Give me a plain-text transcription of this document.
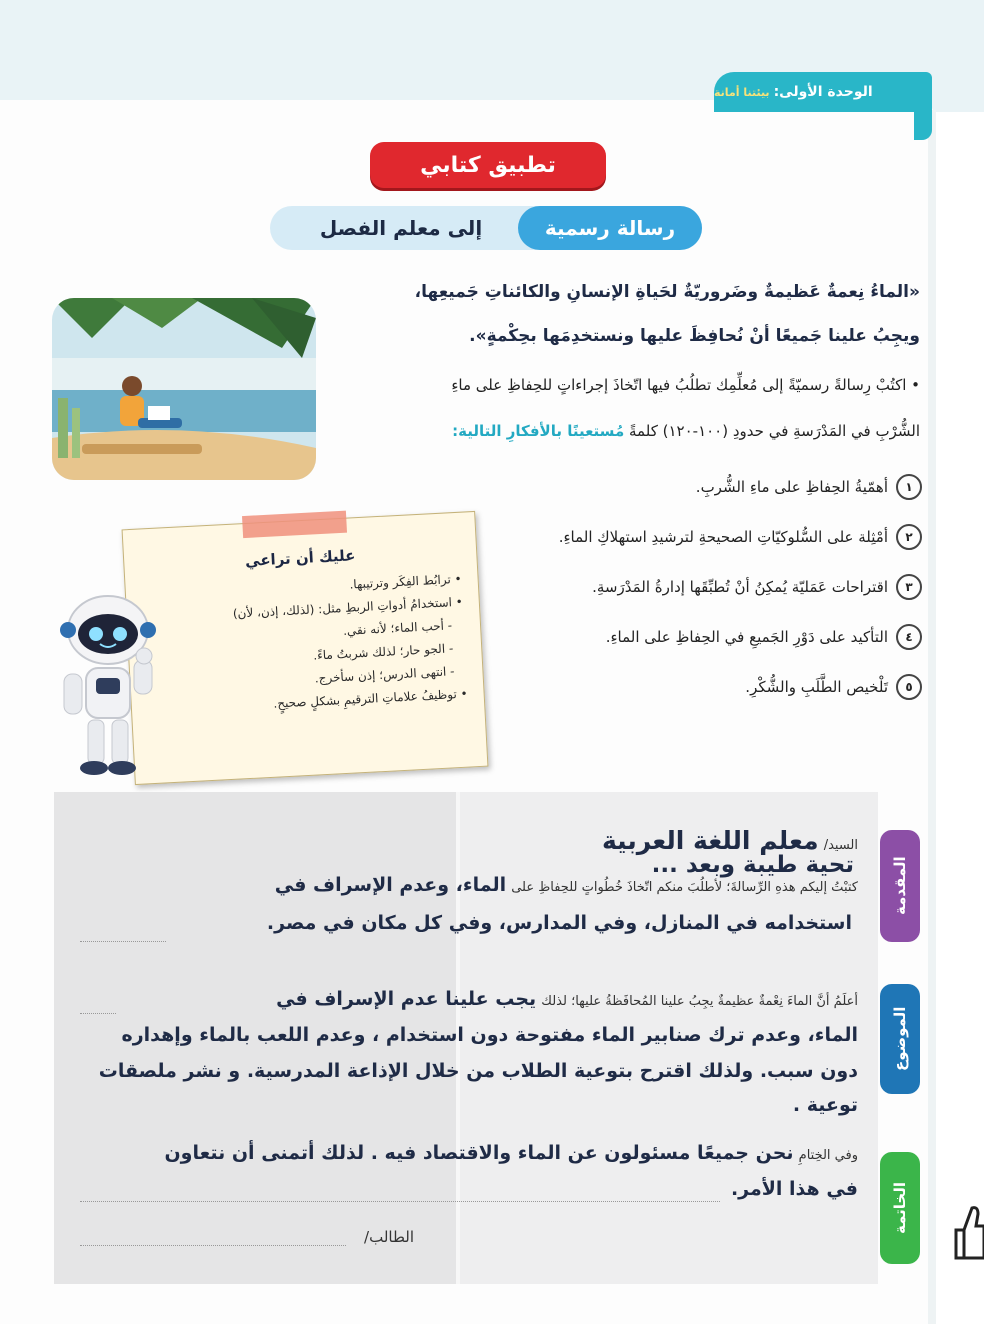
الوحدة الأولى:
بيئتنا أمانة
تطبيق كتابي
رسالة رسمية
إلى معلم الفصل
«الماءُ نِعمةٌ عَظيمةٌ وضَروريّةٌ لحَياةِ الإنسانِ والكائناتِ جَميعِها،
ويجِبُ علينا جَميعًا أنْ نُحافِظَ عليها ونستخدِمَها بحِكْمةٍ».
• اكتُبْ رِسالةً رسميّةً إلى مُعلِّمِك تطلُبُ فيها اتّخاذَ إجراءاتٍ للحِفاظِ على ماءِ
الشُّرْبِ في المَدْرَسةِ في حدودِ (١٠٠-١٢٠) كلمةً مُستعينًا بالأفكارِ التالية:
١
أهمّيةُ الحِفاظِ على ماءِ الشُّربِ.
٢
أمْثِلة على السُّلوكيّاتِ الصحيحةِ لترشيدِ استهلاكِ الماءِ.
٣
اقتراحات عَمَليّة يُمكِنُ أنْ تُطبِّقَها إدارةُ المَدْرَسةِ.
٤
التأكيد على دَوْرِ الجَميعِ في الحِفاظِ على الماءِ.
٥
تَلْخيص الطَّلَبِ والشُّكْرِ.
عليك أن تراعي
• ترابُط الفِكَر وترتيبها.
• استخدامُ أدواتِ الربطِ مثل: (لذلك، إذن، لأن)
- أحب الماء؛ لأنه نقي.
- الجو حار؛ لذلك شربتُ ماءً.
- انتهى الدرس؛ إذن سأخرج.
• توظيفُ علاماتِ الترقيمِ بشكلٍ صحيحٍ.
المقدمة
الموضوع
الخاتمة
السيد/ معلم اللغة العربية
تحية طيبة وبعد ...
كتبْتُ إليكم هذهِ الرِّسالةَ؛ لأطلُبَ منكم اتّخاذَ خُطُواتٍ للحِفاظِ على الماء، وعدم الإسراف في
استخدامه في المنازل، وفي المدارس، وفي كل مكان في مصر.
أعلَمُ أنَّ الماءَ نِعْمةٌ عظيمةٌ يجِبُ علينا المُحافَظةُ عليها؛ لذلك يجب علينا عدم الإسراف في
الماء، وعدم ترك صنابير الماء مفتوحة دون استخدام ، وعدم اللعب بالماء وإهداره
دون سبب. ولذلك اقترح بتوعية الطلاب من خلال الإذاعة المدرسية. و نشر ملصقات
توعية .
وفي الخِتامِ نحن جميعًا مسئولون عن الماء والاقتصاد فيه . لذلك أتمنى أن نتعاون
في هذا الأمر.
الطالب/
